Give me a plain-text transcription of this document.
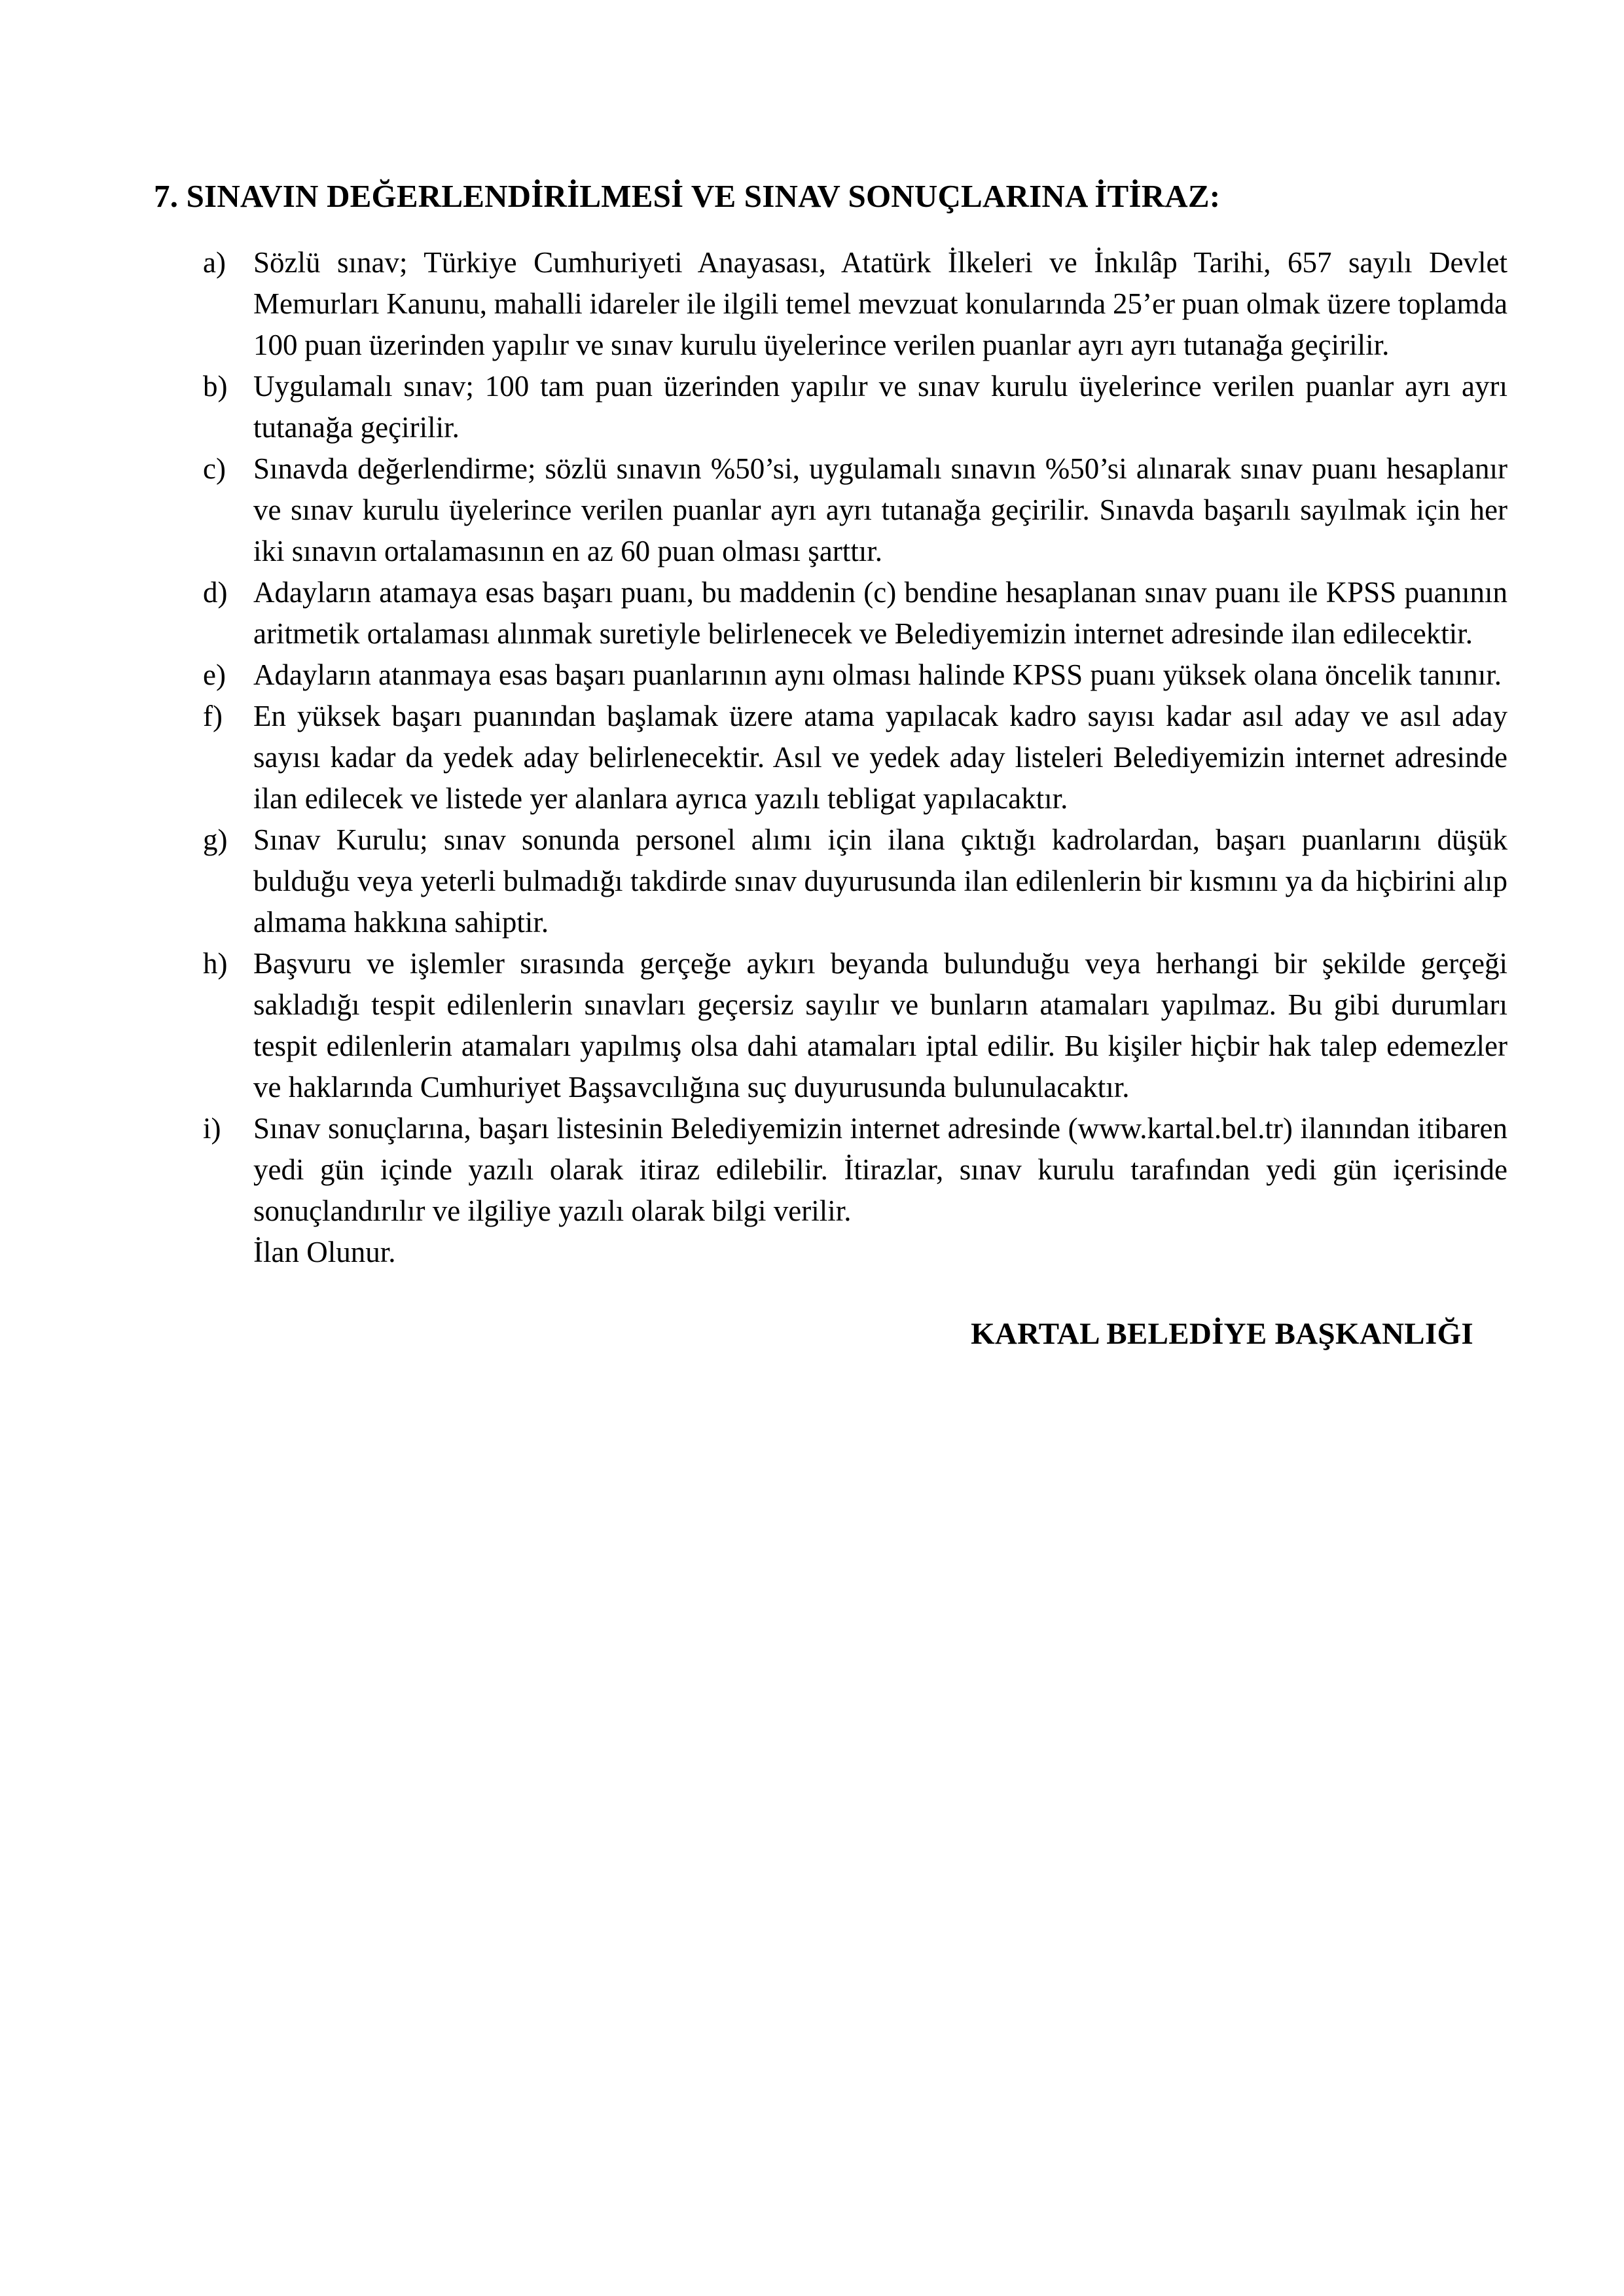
7. SINAVIN DEĞERLENDİRİLMESİ VE SINAV SONUÇLARINA İTİRAZ:
a) Sözlü sınav; Türkiye Cumhuriyeti Anayasası, Atatürk İlkeleri ve İnkılâp Tarihi, 657 sayılı Devlet Memurları Kanunu, mahalli idareler ile ilgili temel mevzuat konularında 25’er puan olmak üzere toplamda 100 puan üzerinden yapılır ve sınav kurulu üyelerince verilen puanlar ayrı ayrı tutanağa geçirilir.
b) Uygulamalı sınav; 100 tam puan üzerinden yapılır ve sınav kurulu üyelerince verilen puanlar ayrı ayrı tutanağa geçirilir.
c) Sınavda değerlendirme; sözlü sınavın %50’si, uygulamalı sınavın %50’si alınarak sınav puanı hesaplanır ve sınav kurulu üyelerince verilen puanlar ayrı ayrı tutanağa geçirilir. Sınavda başarılı sayılmak için her iki sınavın ortalamasının en az 60 puan olması şarttır.
d) Adayların atamaya esas başarı puanı, bu maddenin (c) bendine hesaplanan sınav puanı ile KPSS puanının aritmetik ortalaması alınmak suretiyle belirlenecek ve Belediyemizin internet adresinde ilan edilecektir.
e) Adayların atanmaya esas başarı puanlarının aynı olması halinde KPSS puanı yüksek olana öncelik tanınır.
f)	En yüksek başarı puanından başlamak üzere atama yapılacak kadro sayısı kadar asıl aday ve asıl aday sayısı kadar da yedek aday belirlenecektir. Asıl ve yedek aday listeleri Belediyemizin internet adresinde ilan edilecek ve listede yer alanlara ayrıca yazılı tebligat yapılacaktır.
g) Sınav Kurulu; sınav sonunda personel alımı için ilana çıktığı kadrolardan, başarı puanlarını düşük bulduğu veya yeterli bulmadığı takdirde sınav duyurusunda ilan edilenlerin bir kısmını ya da hiçbirini alıp almama hakkına sahiptir.
h) Başvuru ve işlemler sırasında gerçeğe aykırı beyanda bulunduğu veya herhangi bir şekilde gerçeği sakladığı tespit edilenlerin sınavları geçersiz sayılır ve bunların atamaları yapılmaz. Bu gibi durumları tespit edilenlerin atamaları yapılmış olsa dahi atamaları iptal edilir. Bu kişiler hiçbir hak talep edemezler ve haklarında Cumhuriyet Başsavcılığına suç duyurusunda bulunulacaktır.
i)	Sınav sonuçlarına, başarı listesinin Belediyemizin internet adresinde (www.kartal.bel.tr) ilanından itibaren yedi gün içinde yazılı olarak itiraz edilebilir. İtirazlar, sınav kurulu tarafından yedi gün içerisinde sonuçlandırılır ve ilgiliye yazılı olarak bilgi verilir.
İlan Olunur.
KARTAL BELEDİYE BAŞKANLIĞI
